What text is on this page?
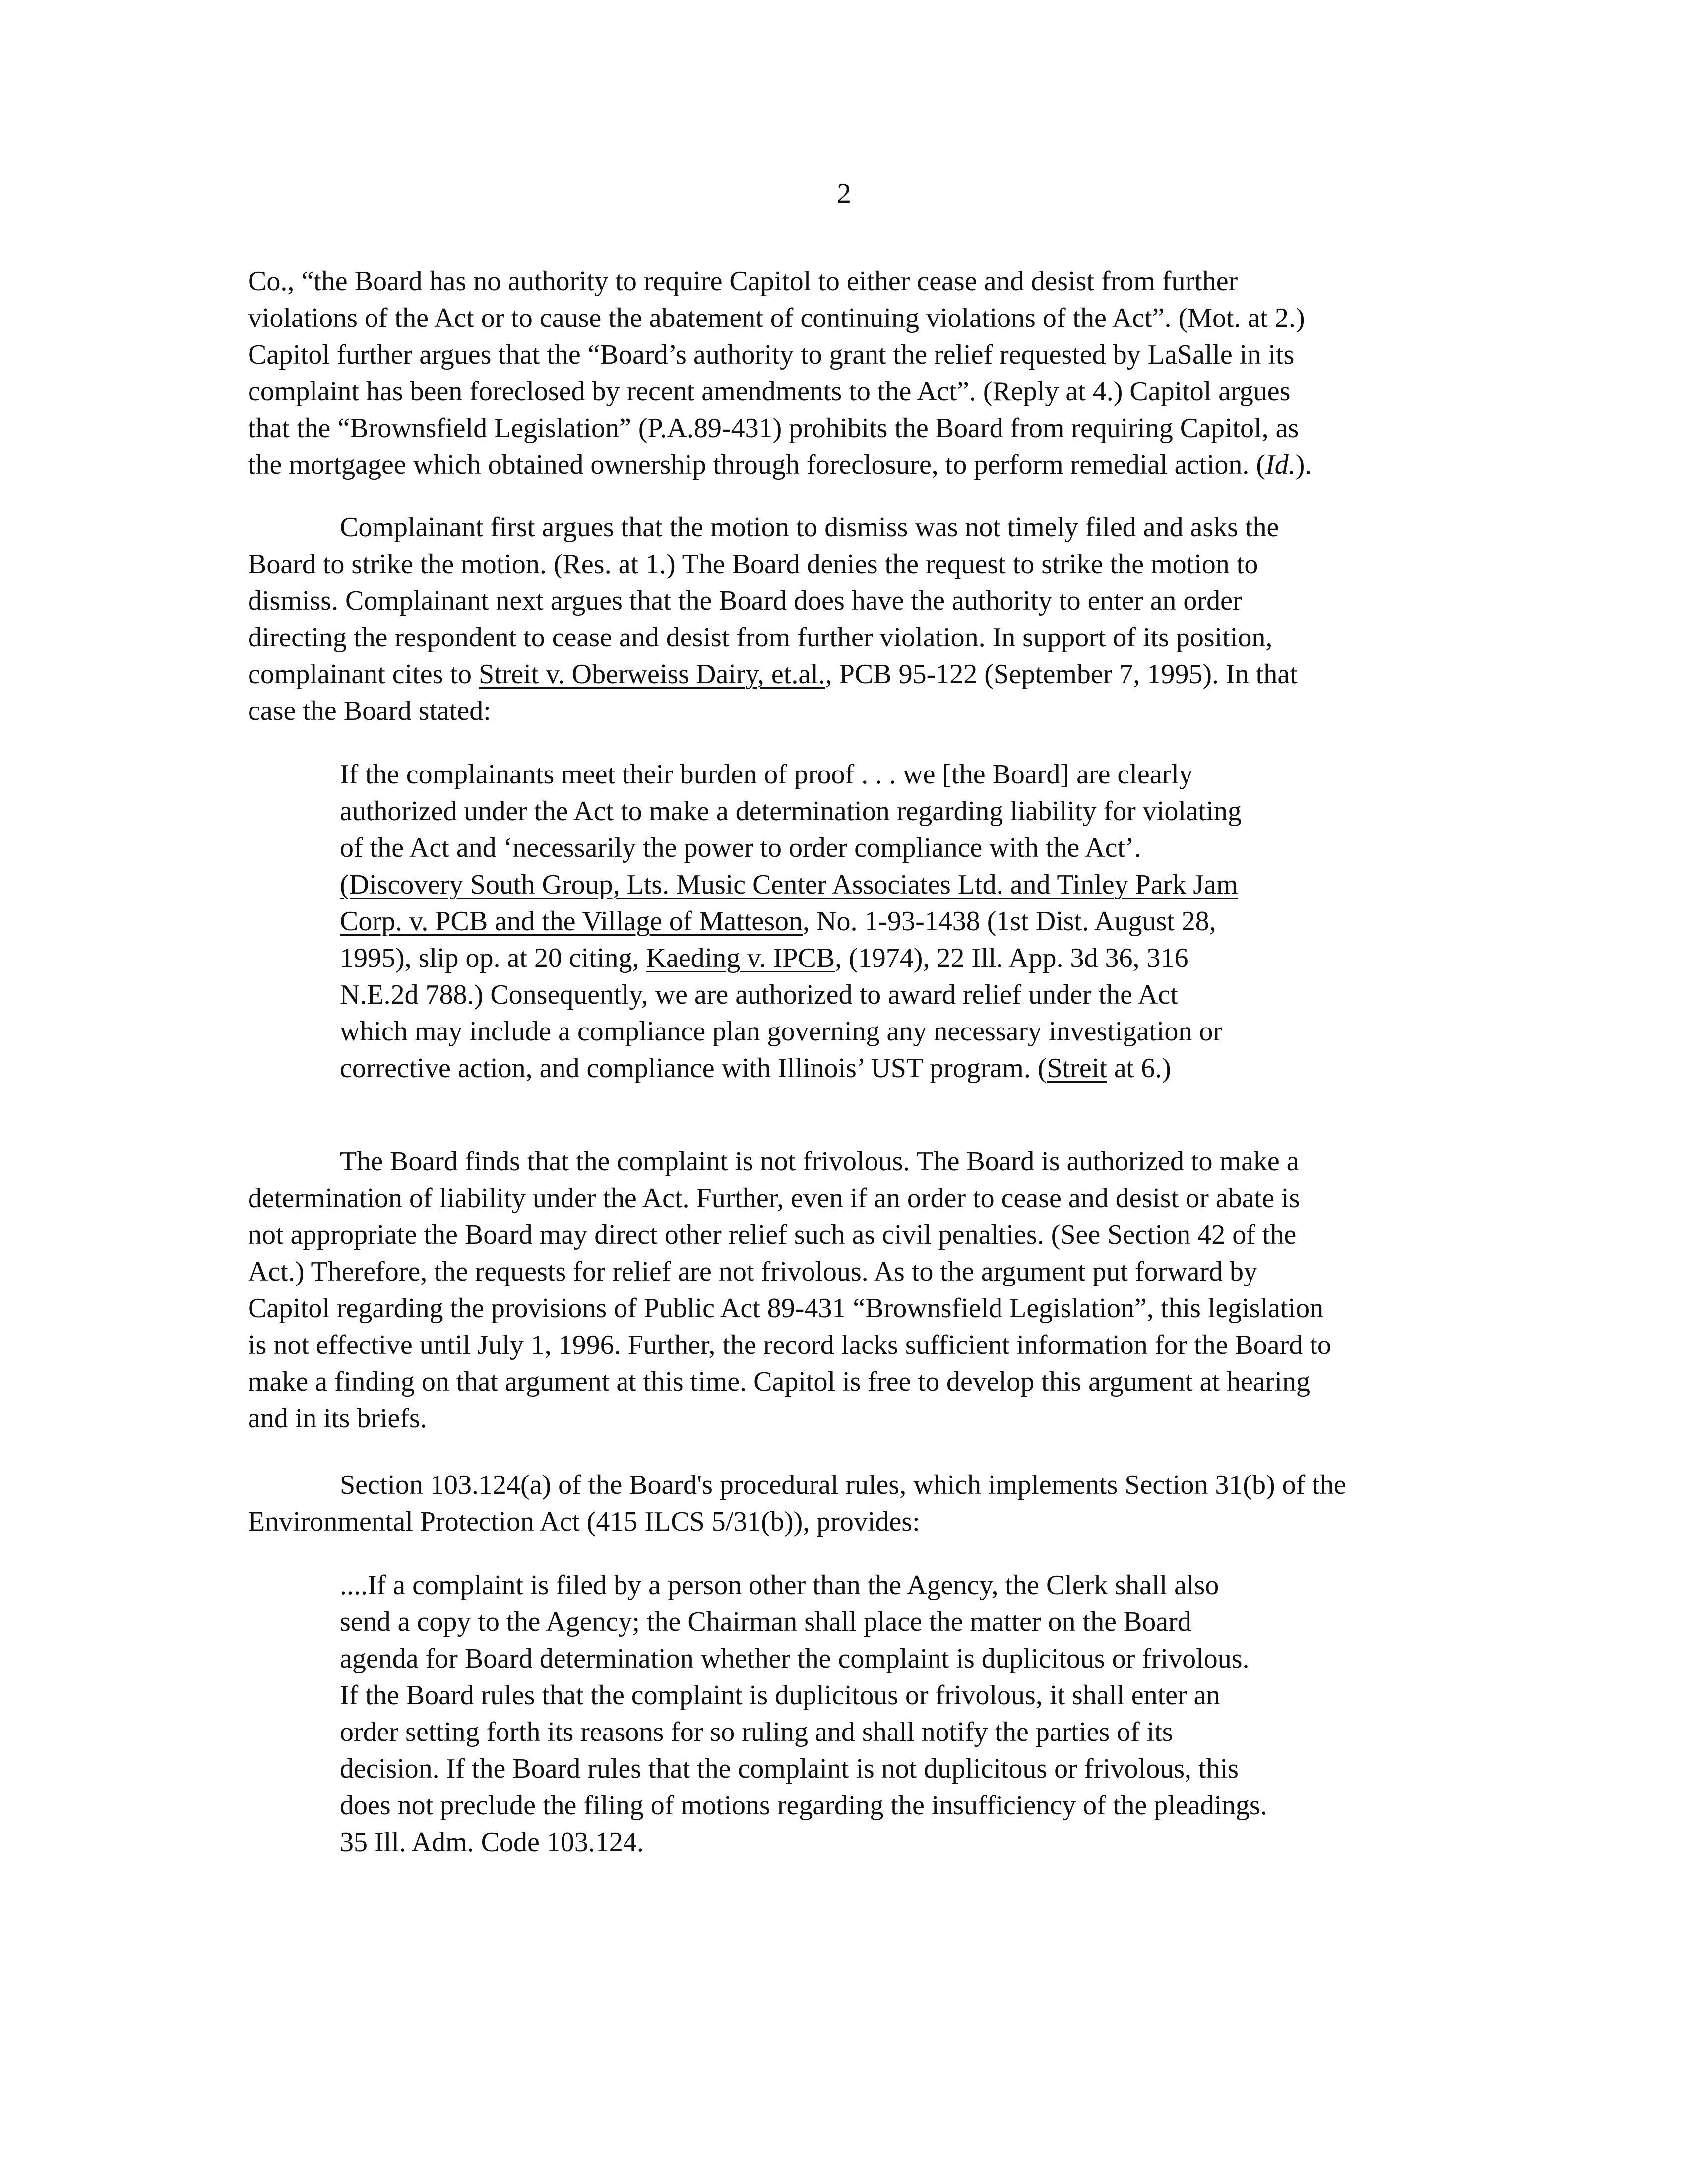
2
Co., “the Board has no authority to require Capitol to either cease and desist from further
violations of the Act or to cause the abatement of continuing violations of the Act”. (Mot. at 2.)
Capitol further argues that the “Board’s authority to grant the relief requested by LaSalle in its
complaint has been foreclosed by recent amendments to the Act”. (Reply at 4.) Capitol argues
that the “Brownsfield Legislation” (P.A.89-431) prohibits the Board from requiring Capitol, as
the mortgagee which obtained ownership through foreclosure, to perform remedial action. (Id.).
Complainant first argues that the motion to dismiss was not timely filed and asks the
Board to strike the motion. (Res. at 1.) The Board denies the request to strike the motion to
dismiss. Complainant next argues that the Board does have the authority to enter an order
directing the respondent to cease and desist from further violation. In support of its position,
complainant cites to Streit v. Oberweiss Dairy, et.al., PCB 95-122 (September 7, 1995). In that
case the Board stated:
If the complainants meet their burden of proof . . . we [the Board] are clearly
authorized under the Act to make a determination regarding liability for violating
of the Act and ‘necessarily the power to order compliance with the Act’.
(Discovery South Group, Lts. Music Center Associates Ltd. and Tinley Park Jam
Corp. v. PCB and the Village of Matteson, No. 1-93-1438 (1st Dist. August 28,
1995), slip op. at 20 citing, Kaeding v. IPCB, (1974), 22 Ill. App. 3d 36, 316
N.E.2d 788.) Consequently, we are authorized to award relief under the Act
which may include a compliance plan governing any necessary investigation or
corrective action, and compliance with Illinois’ UST program. (Streit at 6.)
The Board finds that the complaint is not frivolous. The Board is authorized to make a
determination of liability under the Act. Further, even if an order to cease and desist or abate is
not appropriate the Board may direct other relief such as civil penalties. (See Section 42 of the
Act.) Therefore, the requests for relief are not frivolous. As to the argument put forward by
Capitol regarding the provisions of Public Act 89-431 “Brownsfield Legislation”, this legislation
is not effective until July 1, 1996. Further, the record lacks sufficient information for the Board to
make a finding on that argument at this time. Capitol is free to develop this argument at hearing
and in its briefs.
Section 103.124(a) of the Board's procedural rules, which implements Section 31(b) of the
Environmental Protection Act (415 ILCS 5/31(b)), provides:
....If a complaint is filed by a person other than the Agency, the Clerk shall also
send a copy to the Agency; the Chairman shall place the matter on the Board
agenda for Board determination whether the complaint is duplicitous or frivolous.
If the Board rules that the complaint is duplicitous or frivolous, it shall enter an
order setting forth its reasons for so ruling and shall notify the parties of its
decision. If the Board rules that the complaint is not duplicitous or frivolous, this
does not preclude the filing of motions regarding the insufficiency of the pleadings.
35 Ill. Adm. Code 103.124.
